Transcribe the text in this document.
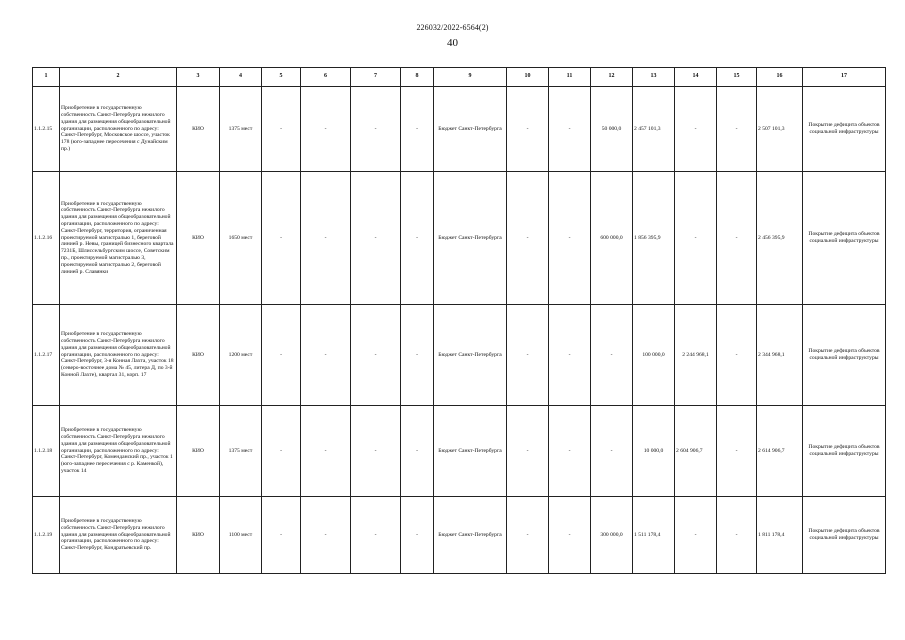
226032/2022-6564(2)
40
1	2	3	4	5	6	7	8	9	10	11	12	13	14	15	16	17
1.1.2.15	Приобретение в государственную собственность Санкт-Петербурга нежилого здания для размещения общеобразовательной организации, расположенного по адресу: Санкт-Петербург, Московское шоссе, участок 178 (юго-западнее пересечения с Дунайским пр.)	КИО	1375 мест	-	-	-	-	Бюджет Санкт-Петербурга	-	-	50 000,0	2 457 101,3	-	-	2 507 101,3	Покрытие дефицита объектов социальной инфраструктуры
1.1.2.16	Приобретение в государственную собственность Санкт-Петербурга нежилого здания для размещения общеобразовательной организации, расположенного по адресу: Санкт-Петербург, территория, ограниченная проектируемой магистралью 1, береговой линией р. Невы, границей бизнесного квартала 7231Б, Шлиссельбургским шоссе, Советским пр., проектируемой магистралью 3, проектируемой магистралью 2, береговой линией р. Славянки	КИО	1650 мест	-	-	-	-	Бюджет Санкт-Петербурга	-	-	600 000,0	1 856 395,9	-	-	2 456 395,9	Покрытие дефицита объектов социальной инфраструктуры
1.1.2.17	Приобретение в государственную собственность Санкт-Петербурга нежилого здания для размещения общеобразовательной организации, расположенного по адресу: Санкт-Петербург, 3-я Конная Лахта, участок 18 (северо-восточнее дома № 45, литера Д, по 3-й Конной Лахте), квартал 31, корп. 17	КИО	1200 мест	-	-	-	-	Бюджет Санкт-Петербурга	-	-	-	100 000,0	2 244 968,1	-	2 344 968,1	Покрытие дефицита объектов социальной инфраструктуры
1.1.2.18	Приобретение в государственную собственность Санкт-Петербурга нежилого здания для размещения общеобразовательной организации, расположенного по адресу: Санкт-Петербург, Коменданский пр., участок 1 (юго-западнее пересечения с р. Каменкой), участок 14	КИО	1375 мест	-	-	-	-	Бюджет Санкт-Петербурга	-	-	-	10 000,0	2 604 906,7	-	2 614 906,7	Покрытие дефицита объектов социальной инфраструктуры
1.1.2.19	Приобретение в государственную собственность Санкт-Петербурга нежилого здания для размещения общеобразовательной организации, расположенного по адресу: Санкт-Петербург, Кондратьевский пр.	КИО	1100 мест	-	-	-	-	Бюджет Санкт-Петербурга	-	-	300 000,0	1 511 178,4	-	-	1 811 178,4	Покрытие дефицита объектов социальной инфраструктуры
